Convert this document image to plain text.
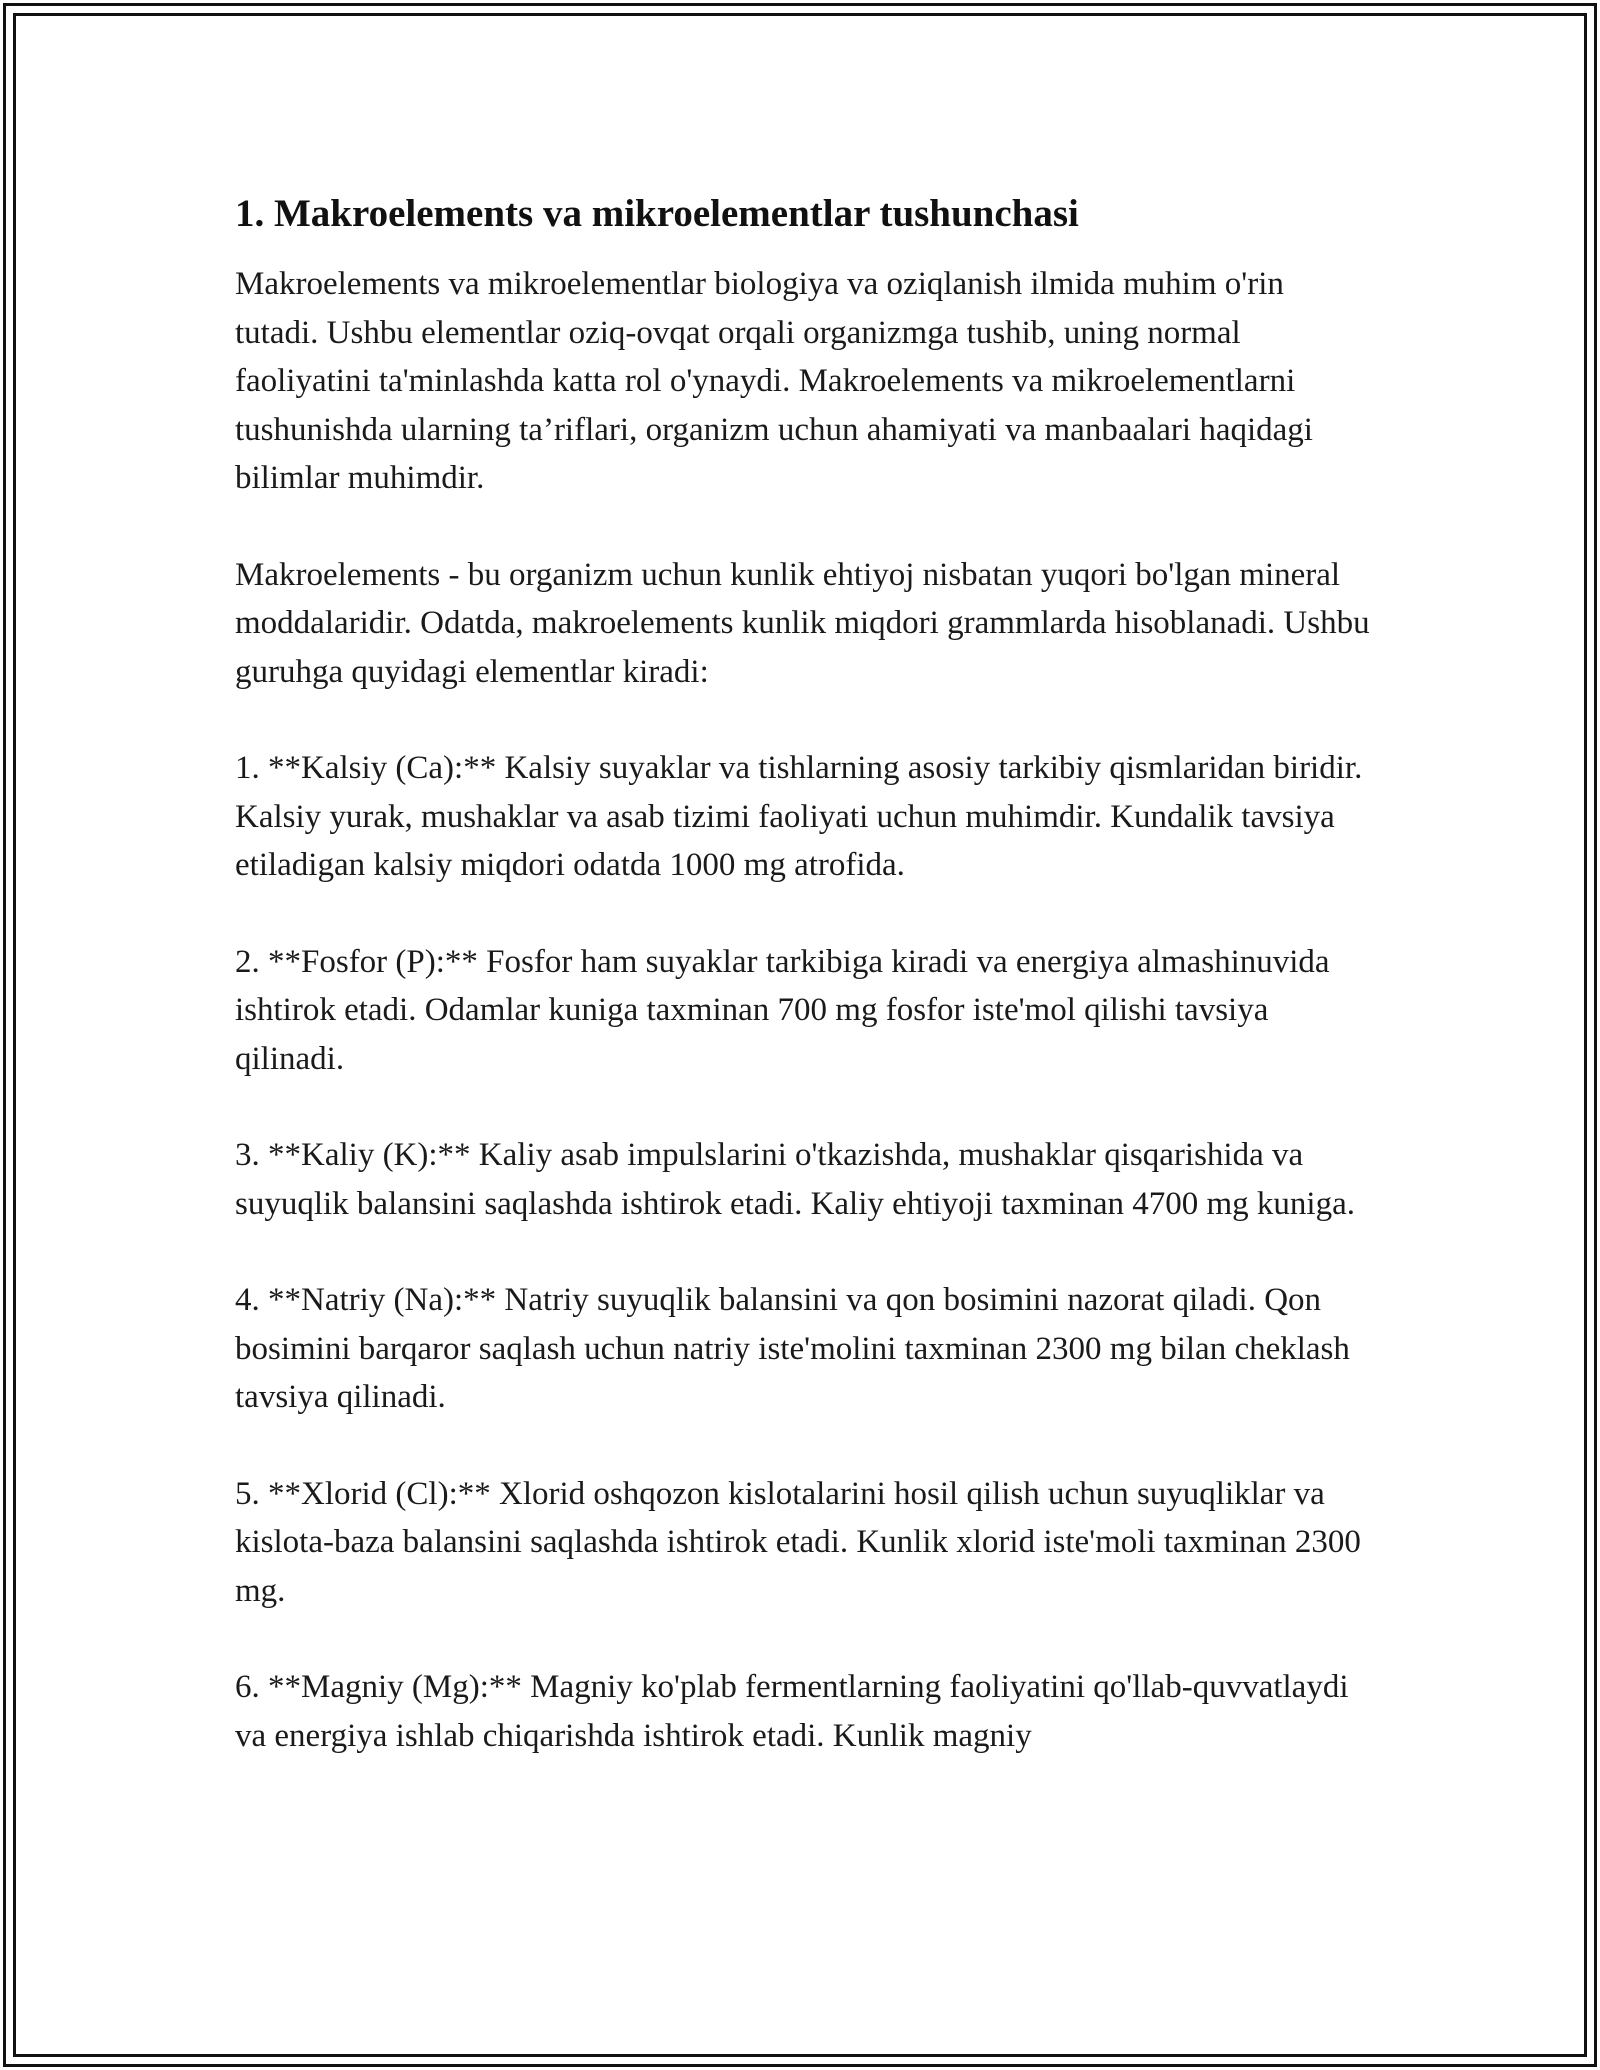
1. Makroelements va mikroelementlar tushunchasi

Makroelements va mikroelementlar biologiya va oziqlanish ilmida muhim o'rin tutadi. Ushbu elementlar oziq-ovqat orqali organizmga tushib, uning normal faoliyatini ta'minlashda katta rol o'ynaydi. Makroelements va mikroelementlarni tushunishda ularning ta’riflari, organizm uchun ahamiyati va manbaalari haqidagi bilimlar muhimdir.

Makroelements - bu organizm uchun kunlik ehtiyoj nisbatan yuqori bo'lgan mineral moddalaridir. Odatda, makroelements kunlik miqdori grammlarda hisoblanadi. Ushbu guruhga quyidagi elementlar kiradi:

1. **Kalsiy (Ca):** Kalsiy suyaklar va tishlarning asosiy tarkibiy qismlaridan biridir. Kalsiy yurak, mushaklar va asab tizimi faoliyati uchun muhimdir. Kundalik tavsiya etiladigan kalsiy miqdori odatda 1000 mg atrofida.

2. **Fosfor (P):** Fosfor ham suyaklar tarkibiga kiradi va energiya almashinuvida ishtirok etadi. Odamlar kuniga taxminan 700 mg fosfor iste'mol qilishi tavsiya qilinadi.

3. **Kaliy (K):** Kaliy asab impulslarini o'tkazishda, mushaklar qisqarishida va suyuqlik balansini saqlashda ishtirok etadi. Kaliy ehtiyoji taxminan 4700 mg kuniga.

4. **Natriy (Na):** Natriy suyuqlik balansini va qon bosimini nazorat qiladi. Qon bosimini barqaror saqlash uchun natriy iste'molini taxminan 2300 mg bilan cheklash tavsiya qilinadi.

5. **Xlorid (Cl):** Xlorid oshqozon kislotalarini hosil qilish uchun suyuqliklar va kislota-baza balansini saqlashda ishtirok etadi. Kunlik xlorid iste'moli taxminan 2300 mg.

6. **Magniy (Mg):** Magniy ko'plab fermentlarning faoliyatini qo'llab-quvvatlaydi va energiya ishlab chiqarishda ishtirok etadi. Kunlik magniy
